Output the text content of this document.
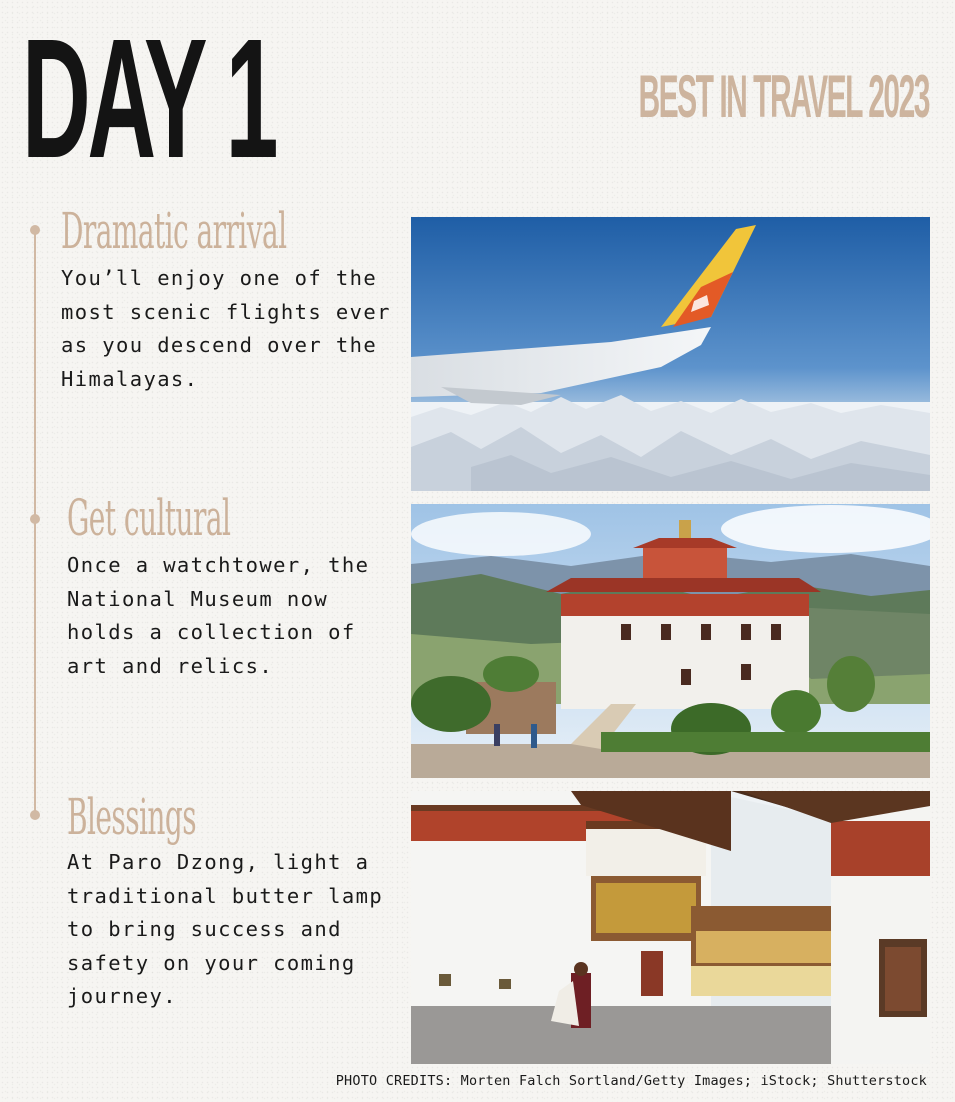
DAY 1	BEST IN TRAVEL 2023
Dramatic arrival

You’ll enjoy one of the most scenic flights ever as you descend over the Himalayas.

Get cultural

Once a watchtower, the National Museum now holds a collection of art and relics.

Blessings

At Paro Dzong, light a traditional butter lamp to bring success and safety on your coming journey.

PHOTO CREDITS: Morten Falch Sortland/Getty Images; iStock; Shutterstock
